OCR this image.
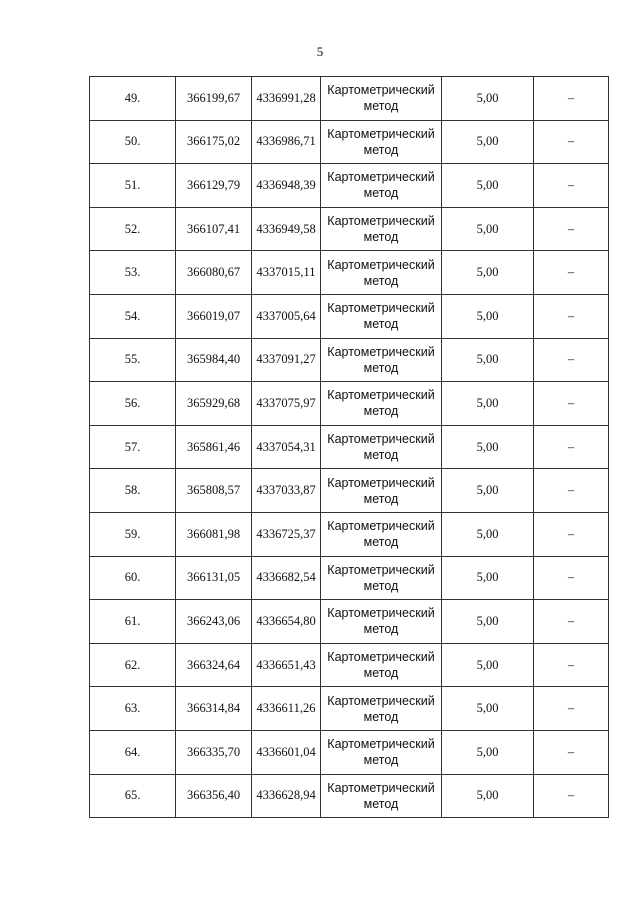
5
49.	366199,67	4336991,28	Картометрический метод	5,00	–
50.	366175,02	4336986,71	Картометрический метод	5,00	–
51.	366129,79	4336948,39	Картометрический метод	5,00	–
52.	366107,41	4336949,58	Картометрический метод	5,00	–
53.	366080,67	4337015,11	Картометрический метод	5,00	–
54.	366019,07	4337005,64	Картометрический метод	5,00	–
55.	365984,40	4337091,27	Картометрический метод	5,00	–
56.	365929,68	4337075,97	Картометрический метод	5,00	–
57.	365861,46	4337054,31	Картометрический метод	5,00	–
58.	365808,57	4337033,87	Картометрический метод	5,00	–
59.	366081,98	4336725,37	Картометрический метод	5,00	–
60.	366131,05	4336682,54	Картометрический метод	5,00	–
61.	366243,06	4336654,80	Картометрический метод	5,00	–
62.	366324,64	4336651,43	Картометрический метод	5,00	–
63.	366314,84	4336611,26	Картометрический метод	5,00	–
64.	366335,70	4336601,04	Картометрический метод	5,00	–
65.	366356,40	4336628,94	Картометрический метод	5,00	–
